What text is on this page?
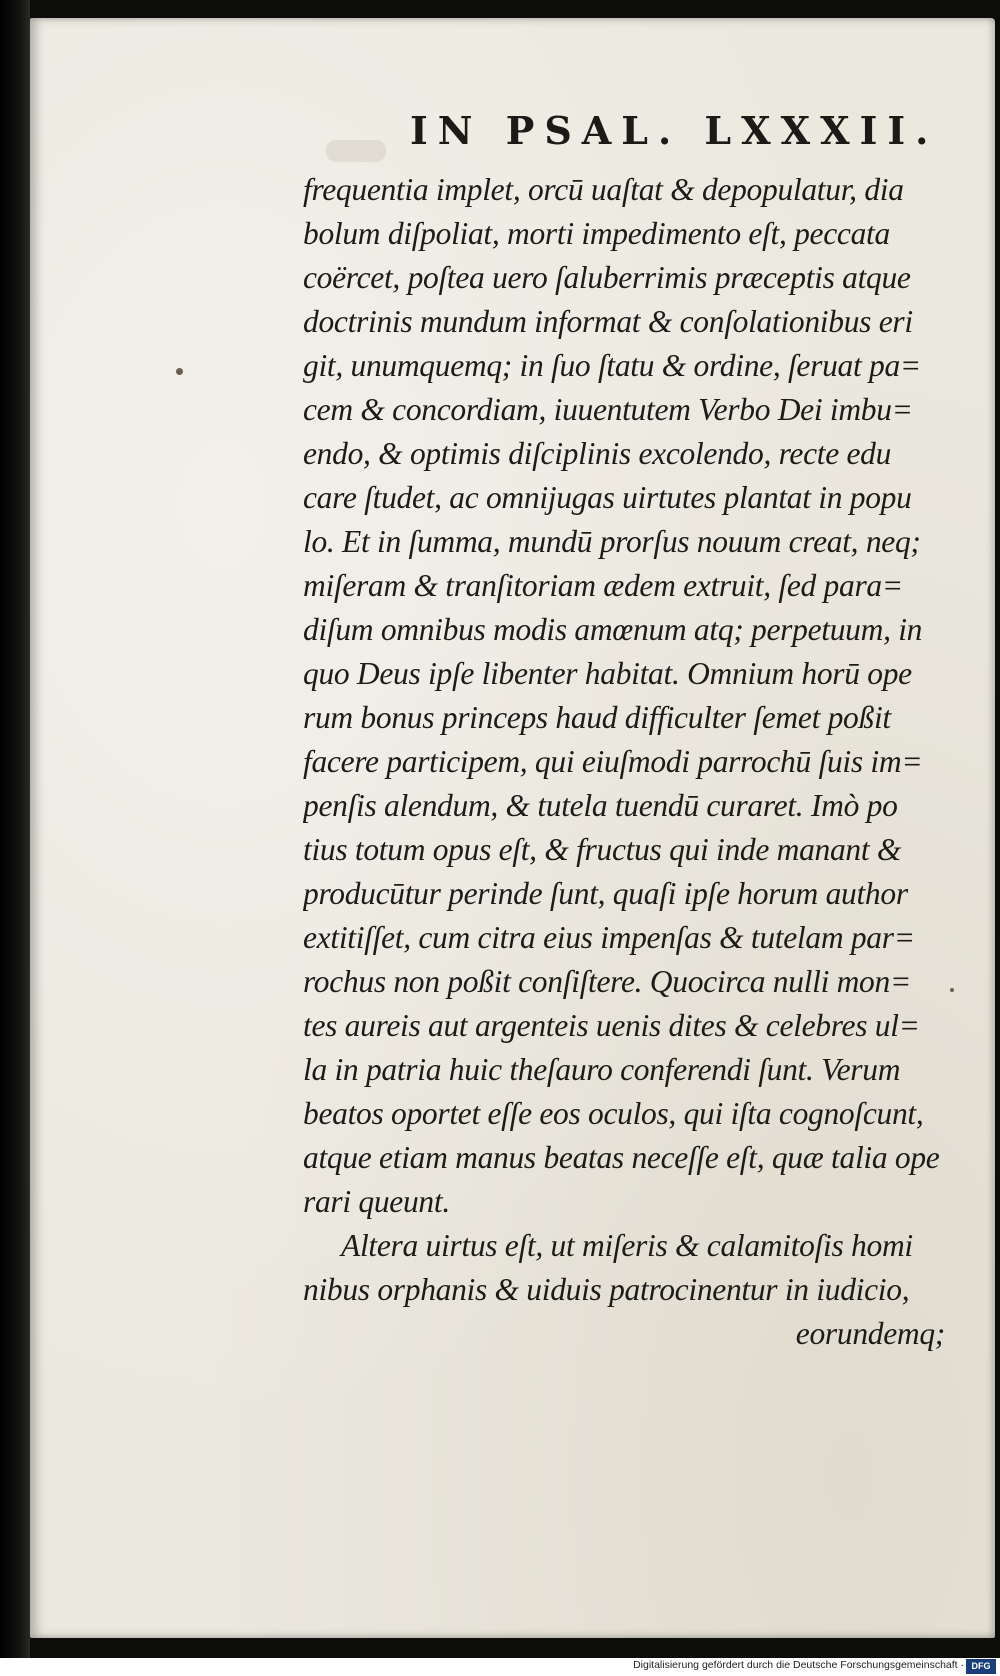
IN PSAL. LXXXII.
frequentia implet, orcū uaſtat & depopulatur, dia
bolum diſpoliat, morti impedimento eſt, peccata
coërcet, poſtea uero ſaluberrimis præceptis atque
doctrinis mundum informat & conſolationibus eri
git, unumquemq; in ſuo ſtatu & ordine, ſeruat pa=
cem & concordiam, iuuentutem Verbo Dei imbu=
endo, & optimis diſciplinis excolendo, recte edu
care ſtudet, ac omnijugas uirtutes plantat in popu
lo. Et in ſumma, mundū prorſus nouum creat, neq;
miſeram & tranſitoriam ædem extruit, ſed para=
diſum omnibus modis amœnum atq; perpetuum, in
quo Deus ipſe libenter habitat. Omnium horū ope
rum bonus princeps haud difficulter ſemet poßit
facere participem, qui eiuſmodi parrochū ſuis im=
penſis alendum, & tutela tuendū curaret. Imò po
tius totum opus eſt, & fructus qui inde manant &
producūtur perinde ſunt, quaſi ipſe horum author
extitiſſet, cum citra eius impenſas & tutelam par=
rochus non poßit conſiſtere. Quocirca nulli mon=
tes aureis aut argenteis uenis dites & celebres ul=
la in patria huic theſauro conferendi ſunt. Verum
beatos oportet eſſe eos oculos, qui iſta cognoſcunt,
atque etiam manus beatas neceſſe eſt, quæ talia ope
rari queunt.
Altera uirtus eſt, ut miſeris & calamitoſis homi
nibus orphanis & uiduis patrocinentur in iudicio,
eorundemq;

Digitalisierung gefördert durch die Deutsche Forschungsgemeinschaft · DFG
